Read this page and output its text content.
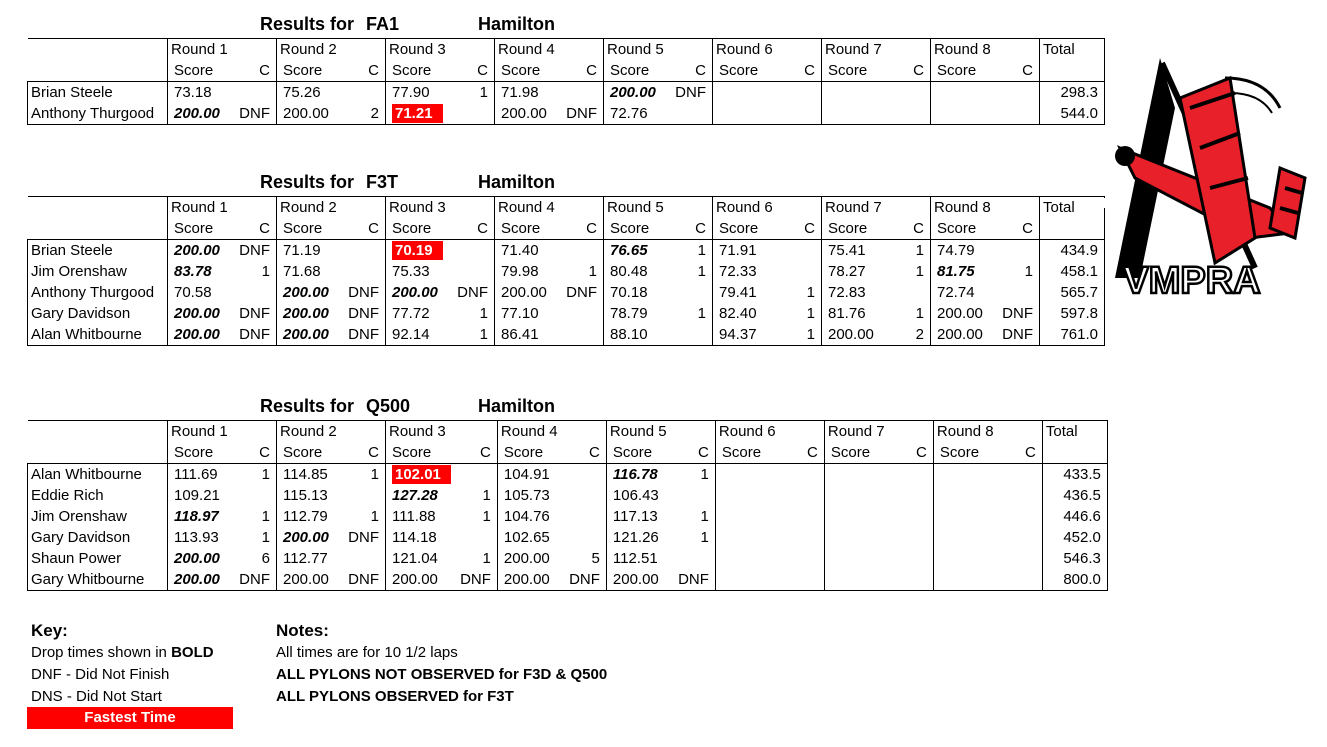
Results for FA1	Hamilton
	Round 1		Round 2		Round 3		Round 4		Round 5		Round 6		Round 7		Round 8		Total
	Score	C	Score	C	Score	C	Score	C	Score	C	Score	C	Score	C	Score	C	
Brian Steele	73.18		75.26		77.90	1	71.98		200.00	DNF							298.3
Anthony Thurgood	200.00	DNF	200.00	2	71.21		200.00	DNF	72.76								544.0
Results for F3T	Hamilton
	Round 1		Round 2		Round 3		Round 4		Round 5		Round 6		Round 7		Round 8		Total
	Score	C	Score	C	Score	C	Score	C	Score	C	Score	C	Score	C	Score	C	
Brian Steele	200.00	DNF	71.19		70.19		71.40		76.65	1	71.91		75.41	1	74.79		434.9
Jim Orenshaw	83.78	1	71.68		75.33		79.98	1	80.48	1	72.33		78.27	1	81.75	1	458.1
Anthony Thurgood	70.58		200.00	DNF	200.00	DNF	200.00	DNF	70.18		79.41	1	72.83		72.74		565.7
Gary Davidson	200.00	DNF	200.00	DNF	77.72	1	77.10		78.79	1	82.40	1	81.76	1	200.00	DNF	597.8
Alan Whitbourne	200.00	DNF	200.00	DNF	92.14	1	86.41		88.10		94.37	1	200.00	2	200.00	DNF	761.0
Results for Q500	Hamilton
	Round 1		Round 2		Round 3		Round 4		Round 5		Round 6		Round 7		Round 8		Total
	Score	C	Score	C	Score	C	Score	C	Score	C	Score	C	Score	C	Score	C	
Alan Whitbourne	111.69	1	114.85	1	102.01		104.91		116.78	1							433.5
Eddie Rich	109.21		115.13		127.28	1	105.73		106.43								436.5
Jim Orenshaw	118.97	1	112.79	1	111.88	1	104.76		117.13	1							446.6
Gary Davidson	113.93	1	200.00	DNF	114.18		102.65		121.26	1							452.0
Shaun Power	200.00	6	112.77		121.04	1	200.00	5	112.51								546.3
Gary Whitbourne	200.00	DNF	200.00	DNF	200.00	DNF	200.00	DNF	200.00	DNF							800.0
Key:
Drop times shown in BOLD
DNF - Did Not Finish
DNS - Did Not Start
Fastest Time
Notes:
All times are for 10 1/2 laps
ALL PYLONS NOT OBSERVED for F3D & Q500
ALL PYLONS OBSERVED for F3T
VMPRA
